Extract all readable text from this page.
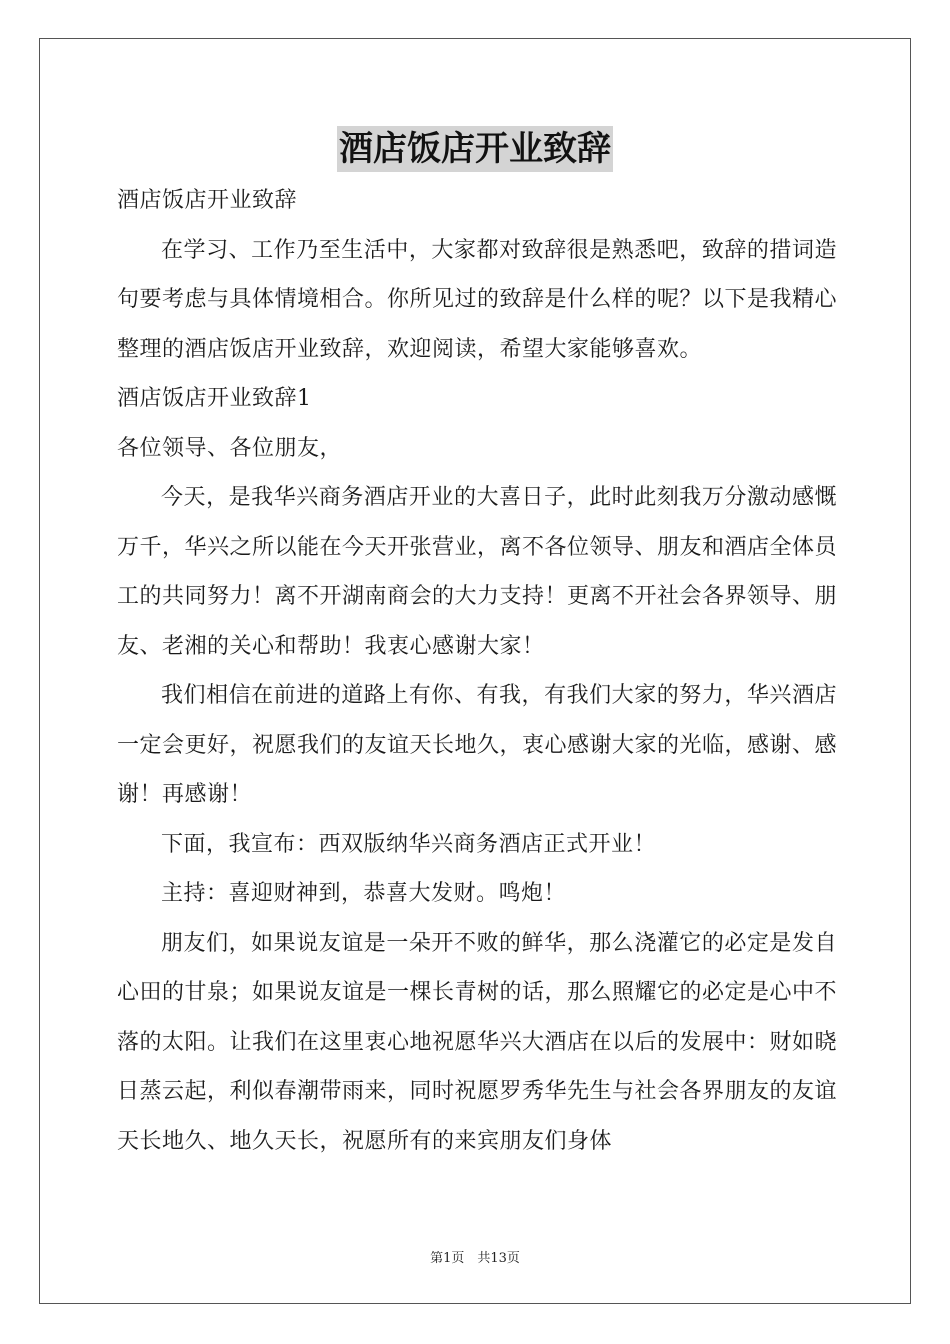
酒店饭店开业致辞

酒店饭店开业致辞

在学习、工作乃至生活中，大家都对致辞很是熟悉吧，致辞的措词造句要考虑与具体情境相合。你所见过的致辞是什么样的呢？以下是我精心整理的酒店饭店开业致辞，欢迎阅读，希望大家能够喜欢。

酒店饭店开业致辞1

各位领导、各位朋友，

今天，是我华兴商务酒店开业的大喜日子，此时此刻我万分激动感慨万千，华兴之所以能在今天开张营业，离不各位领导、朋友和酒店全体员工的共同努力！离不开湖南商会的大力支持！更离不开社会各界领导、朋友、老湘的关心和帮助！我衷心感谢大家！

我们相信在前进的道路上有你、有我，有我们大家的努力，华兴酒店一定会更好，祝愿我们的友谊天长地久，衷心感谢大家的光临，感谢、感谢！再感谢！

下面，我宣布：西双版纳华兴商务酒店正式开业！

主持：喜迎财神到，恭喜大发财。鸣炮！

朋友们，如果说友谊是一朵开不败的鲜华，那么浇灌它的必定是发自心田的甘泉；如果说友谊是一棵长青树的话，那么照耀它的必定是心中不落的太阳。让我们在这里衷心地祝愿华兴大酒店在以后的发展中：财如晓日蒸云起，利似春潮带雨来，同时祝愿罗秀华先生与社会各界朋友的友谊天长地久、地久天长，祝愿所有的来宾朋友们身体

第1页　共13页
